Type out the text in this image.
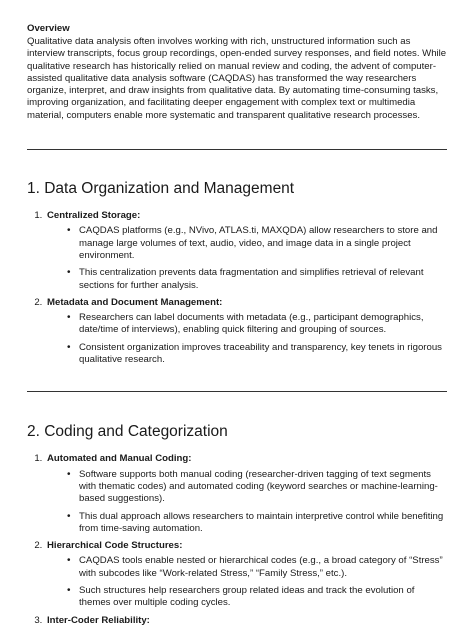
Overview
Qualitative data analysis often involves working with rich, unstructured information such as interview transcripts, focus group recordings, open-ended survey responses, and field notes. While qualitative research has historically relied on manual review and coding, the advent of computer-assisted qualitative data analysis software (CAQDAS) has transformed the way researchers organize, interpret, and draw insights from qualitative data. By automating time-consuming tasks, improving organization, and facilitating deeper engagement with complex text or multimedia material, computers enable more systematic and transparent qualitative research processes.
1. Data Organization and Management
1. Centralized Storage:
• CAQDAS platforms (e.g., NVivo, ATLAS.ti, MAXQDA) allow researchers to store and manage large volumes of text, audio, video, and image data in a single project environment.
• This centralization prevents data fragmentation and simplifies retrieval of relevant sections for further analysis.
2. Metadata and Document Management:
• Researchers can label documents with metadata (e.g., participant demographics, date/time of interviews), enabling quick filtering and grouping of sources.
• Consistent organization improves traceability and transparency, key tenets in rigorous qualitative research.
2. Coding and Categorization
1. Automated and Manual Coding:
• Software supports both manual coding (researcher-driven tagging of text segments with thematic codes) and automated coding (keyword searches or machine-learning-based suggestions).
• This dual approach allows researchers to maintain interpretive control while benefiting from time-saving automation.
2. Hierarchical Code Structures:
• CAQDAS tools enable nested or hierarchical codes (e.g., a broad category of “Stress” with subcodes like “Work-related Stress,” “Family Stress,” etc.).
• Such structures help researchers group related ideas and track the evolution of themes over multiple coding cycles.
3. Inter-Coder Reliability:
